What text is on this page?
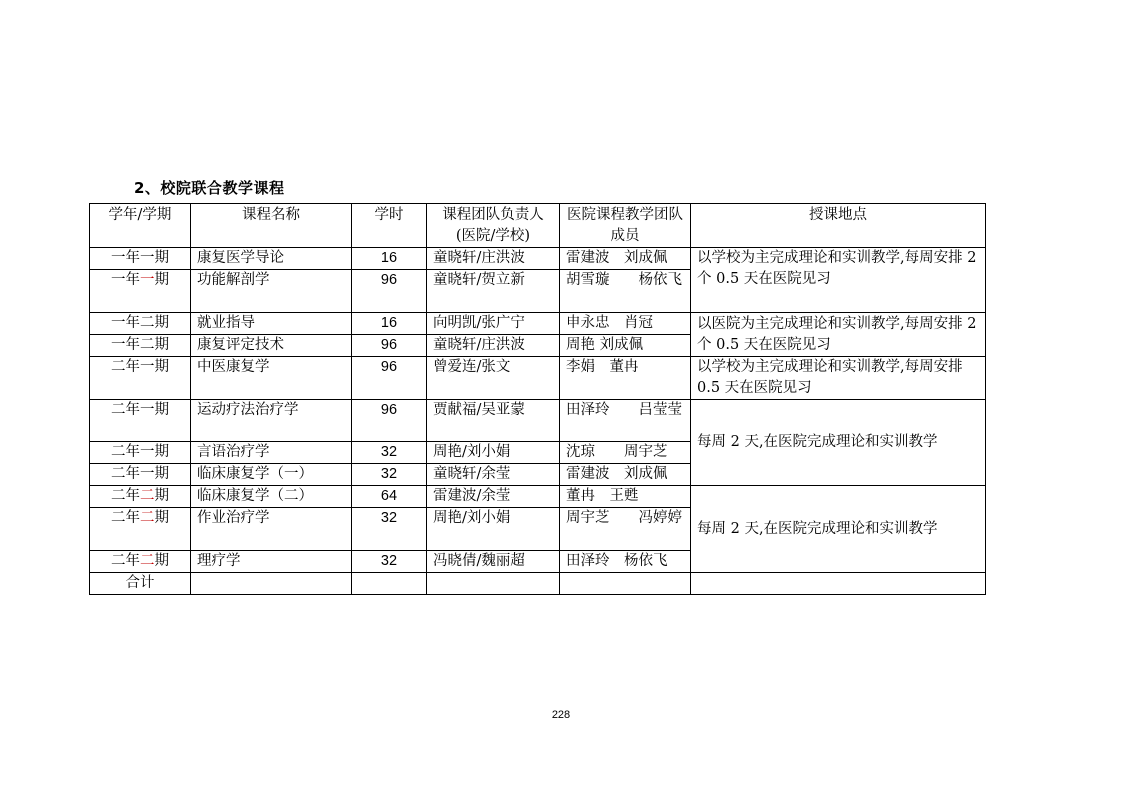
2、校院联合教学课程
学年/学期	课程名称	学时	课程团队负责人(医院/学校)	医院课程教学团队成员	授课地点
一年一期	康复医学导论	16	童晓轩/庄洪波	雷建波　刘成佩	以学校为主完成理论和实训教学,每周安排 2 个 0.5 天在医院见习
一年一期	功能解剖学	96	童晓轩/贺立新	胡雪璇　　杨依飞	
一年二期	就业指导	16	向明凯/张广宁	申永忠　肖冠	以医院为主完成理论和实训教学,每周安排 2 个 0.5 天在医院见习
一年二期	康复评定技术	96	童晓轩/庄洪波	周艳 刘成佩	
二年一期	中医康复学	96	曾爱连/张文	李娟　董冉	以学校为主完成理论和实训教学,每周安排 0.5 天在医院见习
二年一期	运动疗法治疗学	96	贾献福/吴亚蒙	田泽玲　　吕莹莹	每周 2 天,在医院完成理论和实训教学
二年一期	言语治疗学	32	周艳/刘小娟	沈琼　　周宇芝	
二年一期	临床康复学（一）	32	童晓轩/余莹	雷建波　刘成佩	
二年二期	临床康复学（二）	64	雷建波/余莹	董冉　王甦	每周 2 天,在医院完成理论和实训教学
二年二期	作业治疗学	32	周艳/刘小娟	周宇芝　　冯婷婷	
二年二期	理疗学	32	冯晓倩/魏丽超	田泽玲　杨依飞	
合计					
228
